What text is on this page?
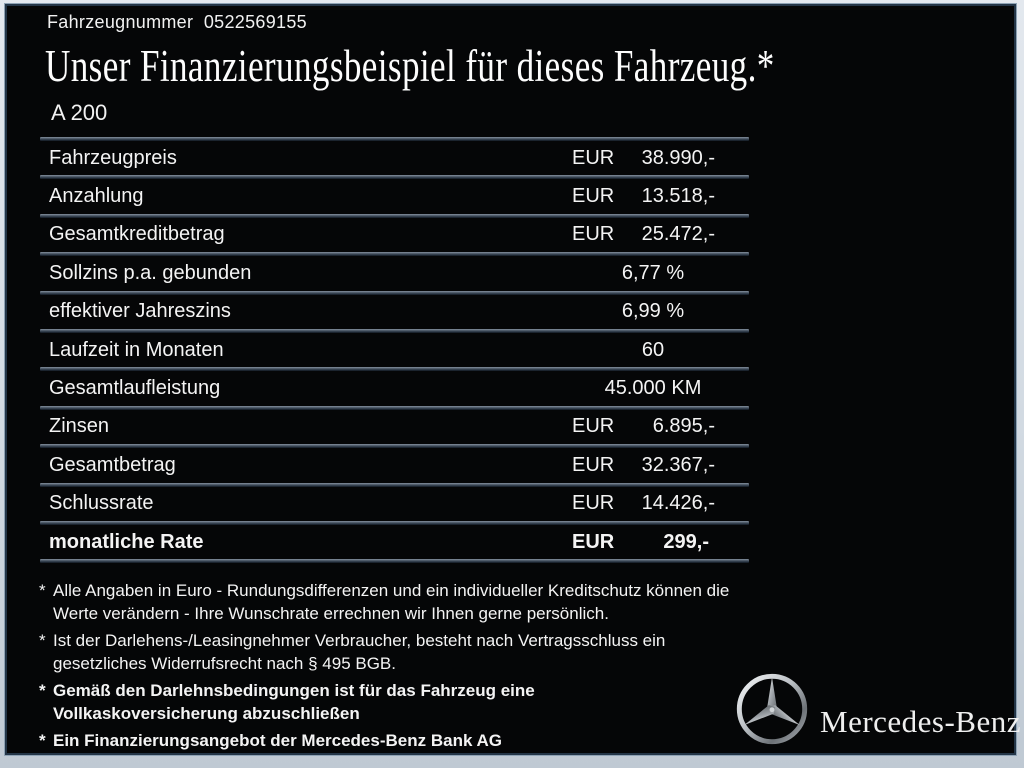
Fahrzeugnummer 0522569155
Unser Finanzierungsbeispiel für dieses Fahrzeug.*
A 200
Fahrzeugpreis	EUR 38.990,-
Anzahlung	EUR 13.518,-
Gesamtkreditbetrag	EUR 25.472,-
Sollzins p.a. gebunden	6,77 %
effektiver Jahreszins	6,99 %
Laufzeit in Monaten	60
Gesamtlaufleistung	45.000 KM
Zinsen	EUR 6.895,-
Gesamtbetrag	EUR 32.367,-
Schlussrate	EUR 14.426,-
monatliche Rate	EUR 299,-
* Alle Angaben in Euro - Rundungsdifferenzen und ein individueller Kreditschutz können die
Werte verändern - Ihre Wunschrate errechnen wir Ihnen gerne persönlich.
* Ist der Darlehens-/Leasingnehmer Verbraucher, besteht nach Vertragsschluss ein
gesetzliches Widerrufsrecht nach § 495 BGB.
* Gemäß den Darlehnsbedingungen ist für das Fahrzeug eine
Vollkaskoversicherung abzuschließen
* Ein Finanzierungsangebot der Mercedes-Benz Bank AG
Mercedes-Benz
